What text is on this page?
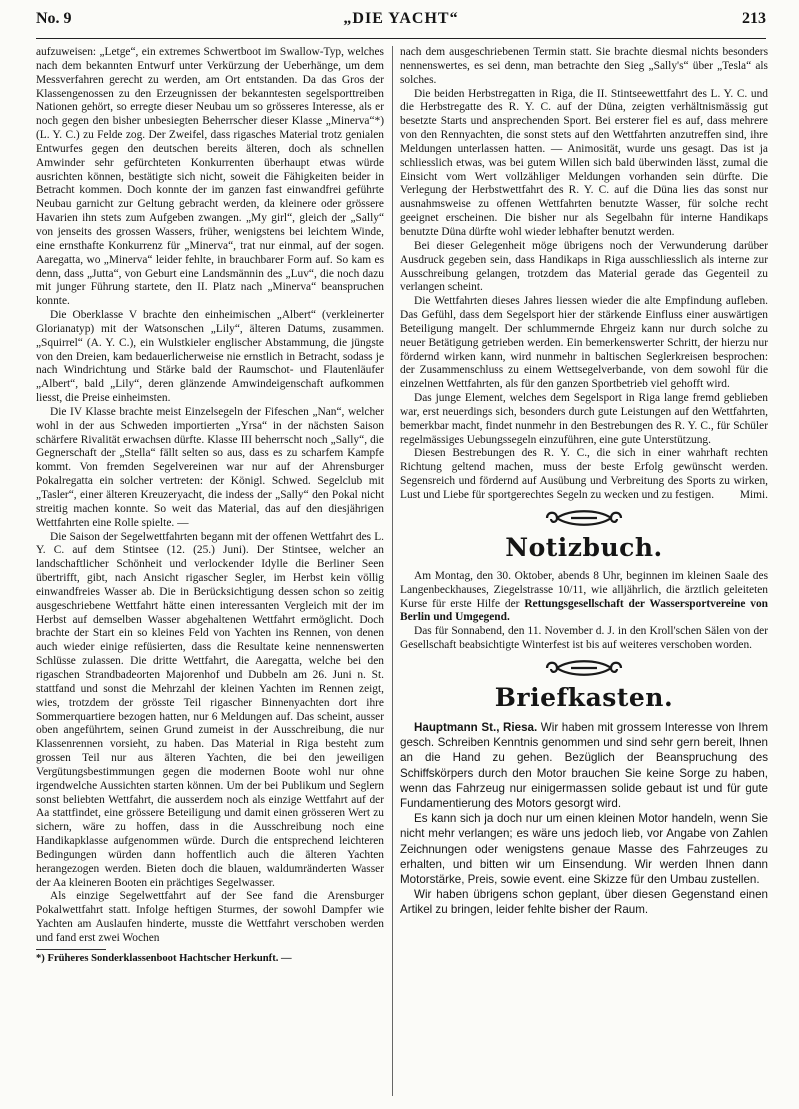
No. 9	„DIE YACHT“	213

aufzuweisen: „Letge“, ein extremes Schwertboot im Swallow-Typ, welches nach dem bekannten Entwurf unter Verkürzung der Ueberhänge, um dem Messverfahren gerecht zu werden, am Ort entstanden. Da das Gros der Klassengenossen zu den Erzeugnissen der bekanntesten segelsporttreiben Nationen gehört, so erregte dieser Neubau um so grösseres Interesse, als er noch gegen den bisher unbesiegten Beherrscher dieser Klasse „Minerva“*) (L. Y. C.) zu Felde zog. Der Zweifel, dass rigasches Material trotz genialen Entwurfes gegen den deutschen bereits älteren, doch als schnellen Amwinder sehr gefürchteten Konkurrenten überhaupt etwas würde ausrichten können, bestätigte sich nicht, soweit die Fähigkeiten beider in Betracht kommen. Doch konnte der im ganzen fast einwandfrei geführte Neubau garnicht zur Geltung gebracht werden, da kleinere oder grössere Havarien ihn stets zum Aufgeben zwangen. „My girl“, gleich der „Sally“ von jenseits des grossen Wassers, früher, wenigstens bei leichtem Winde, eine ernsthafte Konkurrenz für „Minerva“, trat nur einmal, auf der sogen. Aaregatta, wo „Minerva“ leider fehlte, in brauchbarer Form auf. So kam es denn, dass „Jutta“, von Geburt eine Landsmännin des „Luv“, die noch dazu mit junger Führung startete, den II. Platz nach „Minerva“ beanspruchen konnte.

Die Oberklasse V brachte den einheimischen „Albert“ (verkleinerter Glorianatyp) mit der Watsonschen „Lily“, älteren Datums, zusammen. „Squirrel“ (A. Y. C.), ein Wulstkieler englischer Abstammung, die jüngste von den Dreien, kam bedauerlicherweise nie ernstlich in Betracht, sodass je nach Windrichtung und Stärke bald der Raumschot- und Flautenläufer „Albert“, bald „Lily“, deren glänzende Amwindeigenschaft aufkommen liesst, die Preise einheimsten.

Die IV Klasse brachte meist Einzelsegeln der Fifeschen „Nan“, welcher wohl in der aus Schweden importierten „Yrsa“ in der nächsten Saison schärfere Rivalität erwachsen dürfte. Klasse III beherrscht noch „Sally“, die Gegnerschaft der „Stella“ fällt selten so aus, dass es zu scharfem Kampfe kommt. Von fremden Segelvereinen war nur auf der Ahrensburger Pokalregatta ein solcher vertreten: der Königl. Schwed. Segelclub mit „Tasler“, einer älteren Kreuzeryacht, die indess der „Sally“ den Pokal nicht streitig machen konnte. So weit das Material, das auf den diesjährigen Wettfahrten eine Rolle spielte. —

Die Saison der Segelwettfahrten begann mit der offenen Wettfahrt des L. Y. C. auf dem Stintsee (12. (25.) Juni). Der Stintsee, welcher an landschaftlicher Schönheit und verlockender Idylle die Berliner Seen übertrifft, gibt, nach Ansicht rigascher Segler, im Herbst kein völlig einwandfreies Wasser ab. Die in Berücksichtigung dessen schon so zeitig ausgeschriebene Wettfahrt hätte einen interessanten Vergleich mit der im Herbst auf demselben Wasser abgehaltenen Wettfahrt ermöglicht. Doch brachte der Start ein so kleines Feld von Yachten ins Rennen, von denen auch wieder einige refüsierten, dass die Resultate keine nennenswerten Schlüsse zulassen. Die dritte Wettfahrt, die Aaregatta, welche bei den rigaschen Strandbadeorten Majorenhof und Dubbeln am 26. Juni n. St. stattfand und sonst die Mehrzahl der kleinen Yachten im Rennen zeigt, wies, trotzdem der grösste Teil rigascher Binnenyachten dort ihre Sommerquartiere bezogen hatten, nur 6 Meldungen auf. Das scheint, ausser oben angeführtem, seinen Grund zumeist in der Ausschreibung, die nur Klassenrennen vorsieht, zu haben. Das Material in Riga besteht zum grossen Teil nur aus älteren Yachten, die bei den jeweiligen Vergütungsbestimmungen gegen die modernen Boote wohl nur ohne irgendwelche Aussichten starten können. Um der bei Publikum und Seglern sonst beliebten Wettfahrt, die ausserdem noch als einzige Wettfahrt auf der Aa stattfindet, eine grössere Beteiligung und damit einen grösseren Wert zu sichern, wäre zu hoffen, dass in die Ausschreibung noch eine Handikapklasse aufgenommen würde. Durch die entsprechend leichteren Bedingungen würden dann hoffentlich auch die älteren Yachten herangezogen werden. Bieten doch die blauen, waldumränderten Wasser der Aa kleineren Booten ein prächtiges Segelwasser.

Als einzige Segelwettfahrt auf der See fand die Arensburger Pokalwettfahrt statt. Infolge heftigen Sturmes, der sowohl Dampfer wie Yachten am Auslaufen hinderte, musste die Wettfahrt verschoben werden und fand erst zwei Wochen

*) Früheres Sonderklassenboot Hachtscher Herkunft. —

nach dem ausgeschriebenen Termin statt. Sie brachte diesmal nichts besonders nennenswertes, es sei denn, man betrachte den Sieg „Sally's“ über „Tesla“ als solches.

Die beiden Herbstregatten in Riga, die II. Stintseewettfahrt des L. Y. C. und die Herbstregatte des R. Y. C. auf der Düna, zeigten verhältnismässig gut besetzte Starts und ansprechenden Sport. Bei ersterer fiel es auf, dass mehrere von den Rennyachten, die sonst stets auf den Wettfahrten anzutreffen sind, ihre Meldungen unterlassen hatten. — Animosität, wurde uns gesagt. Das ist ja schliesslich etwas, was bei gutem Willen sich bald überwinden lässt, zumal die Einsicht vom Wert vollzähliger Meldungen vorhanden sein dürfte. Die Verlegung der Herbstwettfahrt des R. Y. C. auf die Düna lies das sonst nur ausnahmsweise zu offenen Wettfahrten benutzte Wasser, für solche recht geeignet erscheinen. Die bisher nur als Segelbahn für interne Handikaps benutzte Düna dürfte wohl wieder lebhafter benutzt werden.

Bei dieser Gelegenheit möge übrigens noch der Verwunderung darüber Ausdruck gegeben sein, dass Handikaps in Riga ausschliesslich als interne zur Ausschreibung gelangen, trotzdem das Material gerade das Gegenteil zu verlangen scheint.

Die Wettfahrten dieses Jahres liessen wieder die alte Empfindung aufleben. Das Gefühl, dass dem Segelsport hier der stärkende Einfluss einer auswärtigen Beteiligung mangelt. Der schlummernde Ehrgeiz kann nur durch solche zu neuer Betätigung getrieben werden. Ein bemerkenswerter Schritt, der hierzu nur fördernd wirken kann, wird nunmehr in baltischen Seglerkreisen besprochen: der Zusammenschluss zu einem Wettsegelverbande, von dem sowohl für die einzelnen Wettfahrten, als für den ganzen Sportbetrieb viel gehofft wird.

Das junge Element, welches dem Segelsport in Riga lange fremd geblieben war, erst neuerdings sich, besonders durch gute Leistungen auf den Wettfahrten, bemerkbar macht, findet nunmehr in den Bestrebungen des R. Y. C., für Schüler regelmässiges Uebungssegeln einzuführen, eine gute Unterstützung.

Diesen Bestrebungen des R. Y. C., die sich in einer wahrhaft rechten Richtung geltend machen, muss der beste Erfolg gewünscht werden. Segensreich und fördernd auf Ausübung und Verbreitung des Sports zu wirken, Lust und Liebe für sportgerechtes Segeln zu wecken und zu festigen.	Mimi.

Notizbuch.

Am Montag, den 30. Oktober, abends 8 Uhr, beginnen im kleinen Saale des Langenbeckhauses, Ziegelstrasse 10/11, wie alljährlich, die ärztlich geleiteten Kurse für erste Hilfe der Rettungsgesellschaft der Wassersportvereine von Berlin und Umgegend.

Das für Sonnabend, den 11. November d. J. in den Kroll'schen Sälen von der Gesellschaft beabsichtigte Winterfest ist bis auf weiteres verschoben worden.

Briefkasten.

Hauptmann St., Riesa. Wir haben mit grossem Interesse von Ihrem gesch. Schreiben Kenntnis genommen und sind sehr gern bereit, Ihnen an die Hand zu gehen. Bezüglich der Beanspruchung des Schiffskörpers durch den Motor brauchen Sie keine Sorge zu haben, wenn das Fahrzeug nur einigermassen solide gebaut ist und für gute Fundamentierung des Motors gesorgt wird.

Es kann sich ja doch nur um einen kleinen Motor handeln, wenn Sie nicht mehr verlangen; es wäre uns jedoch lieb, vor Angabe von Zahlen Zeichnungen oder wenigstens genaue Masse des Fahrzeuges zu erhalten, und bitten wir um Einsendung. Wir werden Ihnen dann Motorstärke, Preis, sowie event. eine Skizze für den Umbau zustellen.

Wir haben übrigens schon geplant, über diesen Gegenstand einen Artikel zu bringen, leider fehlte bisher der Raum.
